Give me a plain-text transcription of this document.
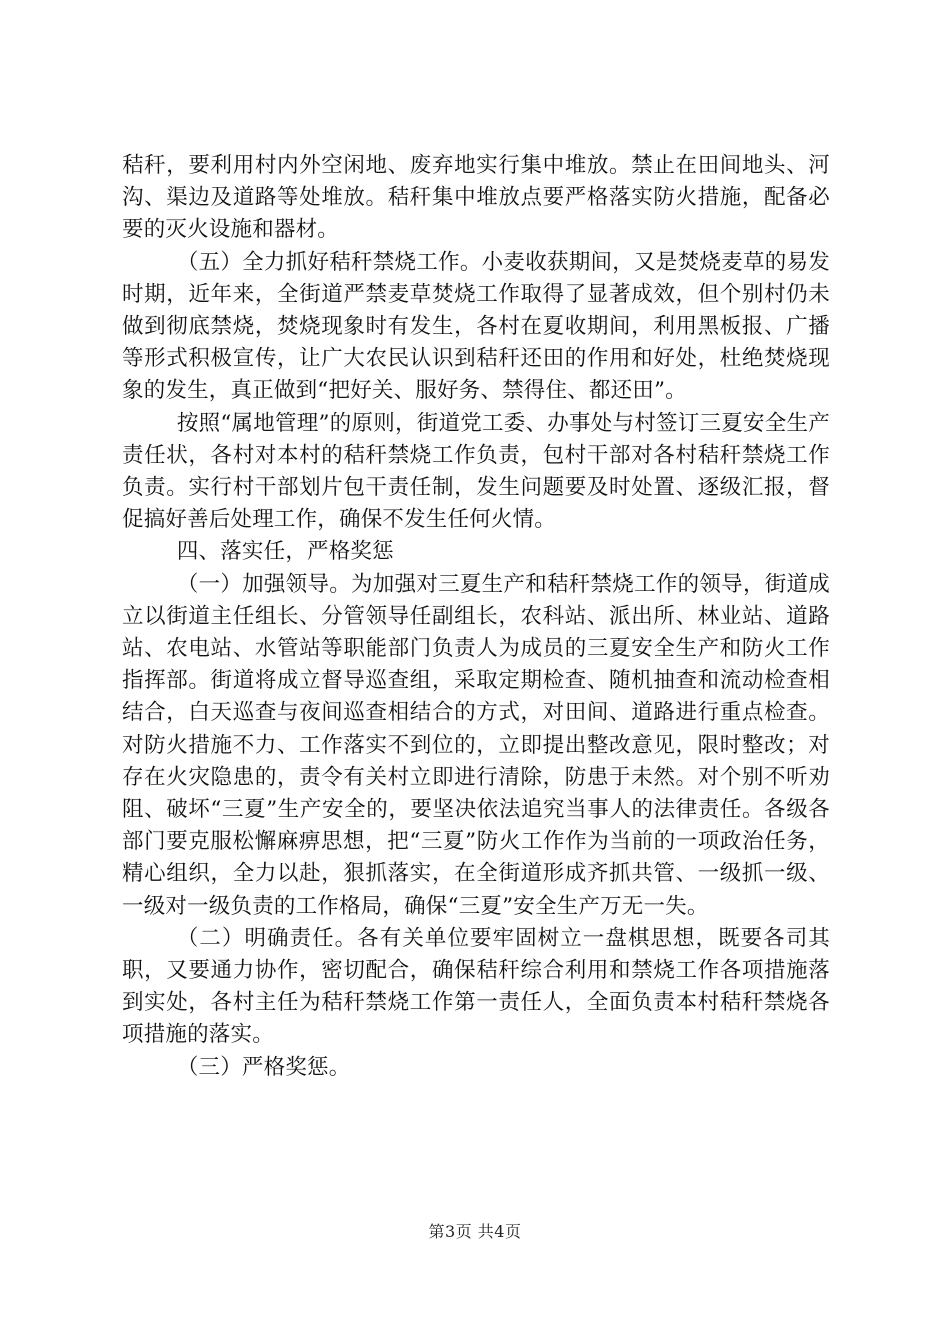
秸秆，要利用村内外空闲地、废弃地实行集中堆放。禁止在田间地头、河沟、渠边及道路等处堆放。秸秆集中堆放点要严格落实防火措施，配备必要的灭火设施和器材。

（五）全力抓好秸秆禁烧工作。小麦收获期间，又是焚烧麦草的易发时期，近年来，全街道严禁麦草焚烧工作取得了显著成效，但个别村仍未做到彻底禁烧，焚烧现象时有发生，各村在夏收期间，利用黑板报、广播等形式积极宣传，让广大农民认识到秸秆还田的作用和好处，杜绝焚烧现象的发生，真正做到“把好关、服好务、禁得住、都还田”。

按照“属地管理”的原则，街道党工委、办事处与村签订三夏安全生产责任状，各村对本村的秸秆禁烧工作负责，包村干部对各村秸秆禁烧工作负责。实行村干部划片包干责任制，发生问题要及时处置、逐级汇报，督促搞好善后处理工作，确保不发生任何火情。

四、落实任，严格奖惩

（一）加强领导。为加强对三夏生产和秸秆禁烧工作的领导，街道成立以街道主任组长、分管领导任副组长，农科站、派出所、林业站、道路站、农电站、水管站等职能部门负责人为成员的三夏安全生产和防火工作指挥部。街道将成立督导巡查组，采取定期检查、随机抽查和流动检查相结合，白天巡查与夜间巡查相结合的方式，对田间、道路进行重点检查。对防火措施不力、工作落实不到位的，立即提出整改意见，限时整改；对存在火灾隐患的，责令有关村立即进行清除，防患于未然。对个别不听劝阻、破坏“三夏”生产安全的，要坚决依法追究当事人的法律责任。各级各部门要克服松懈麻痹思想，把“三夏”防火工作作为当前的一项政治任务，精心组织，全力以赴，狠抓落实，在全街道形成齐抓共管、一级抓一级、一级对一级负责的工作格局，确保“三夏”安全生产万无一失。

（二）明确责任。各有关单位要牢固树立一盘棋思想，既要各司其职，又要通力协作，密切配合，确保秸秆综合利用和禁烧工作各项措施落到实处，各村主任为秸秆禁烧工作第一责任人，全面负责本村秸秆禁烧各项措施的落实。

（三）严格奖惩。

第3页 共4页
